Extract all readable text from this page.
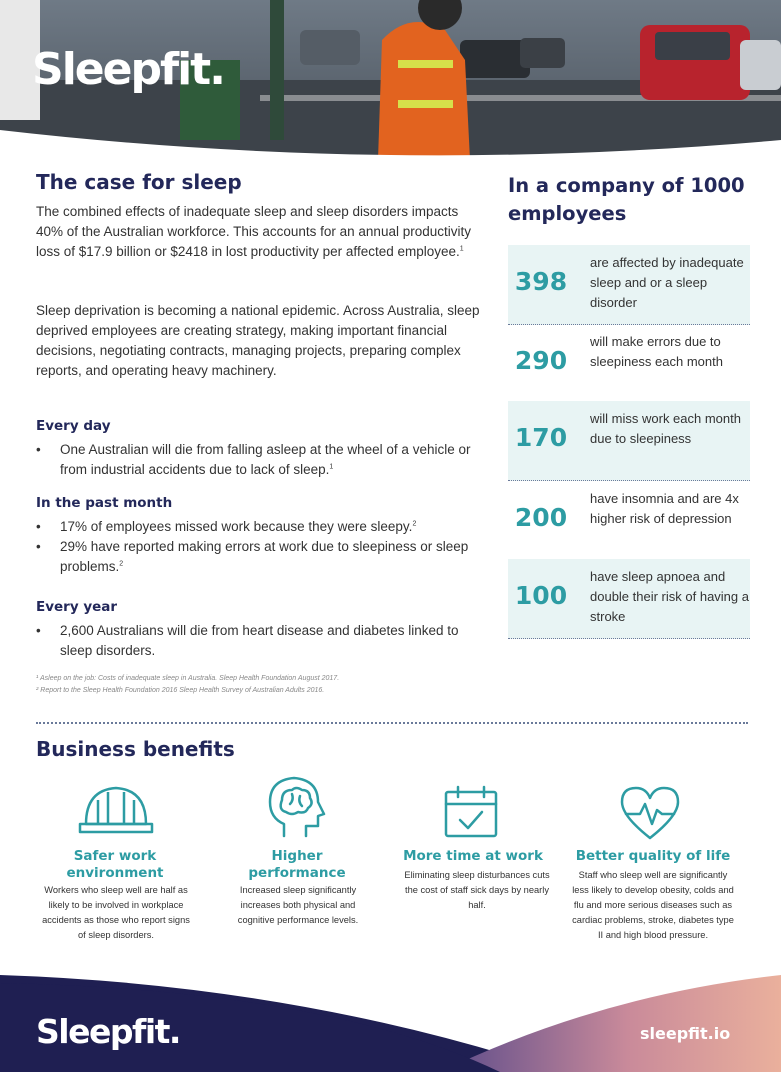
Sleepfit.
The case for sleep

The combined effects of inadequate sleep and sleep disorders impacts 40% of the Australian workforce. This accounts for an annual productivity loss of $17.9 billion or $2418 in lost productivity per affected employee.$^1$

Sleep deprivation is becoming a national epidemic. Across Australia, sleep deprived employees are creating strategy, making important financial decisions, negotiating contracts, managing projects, preparing complex reports, and operating heavy machinery.

Every day
• One Australian will die from falling asleep at the wheel of a vehicle or from industrial accidents due to lack of sleep.$^1$
In the past month
• 17% of employees missed work because they were sleepy.$^2$
• 29% have reported making errors at work due to sleepiness or sleep problems.$^2$
Every year
• 2,600 Australians will die from heart disease and diabetes linked to sleep disorders.
¹ Asleep on the job: Costs of inadequate sleep in Australia. Sleep Health Foundation August 2017.
² Report to the Sleep Health Foundation 2016 Sleep Health Survey of Australian Adults 2016.
In a company of 1000 employees
398
are affected by inadequate sleep and or a sleep disorder
290
will make errors due to sleepiness each month
170
will miss work each month due to sleepiness
200
have insomnia and are 4x higher risk of depression
100
have sleep apnoea and double their risk of having a stroke
Business benefits
Safer work environment
Workers who sleep well are half as likely to be involved in workplace accidents as those who report signs of sleep disorders.
Higher performance
Increased sleep significantly increases both physical and cognitive performance levels.
More time at work
Eliminating sleep disturbances cuts the cost of staff sick days by nearly half.
Better quality of life
Staff who sleep well are significantly less likely to develop obesity, colds and flu and more serious diseases such as cardiac problems, stroke, diabetes type II and high blood pressure.
Sleepfit.	sleepfit.io
